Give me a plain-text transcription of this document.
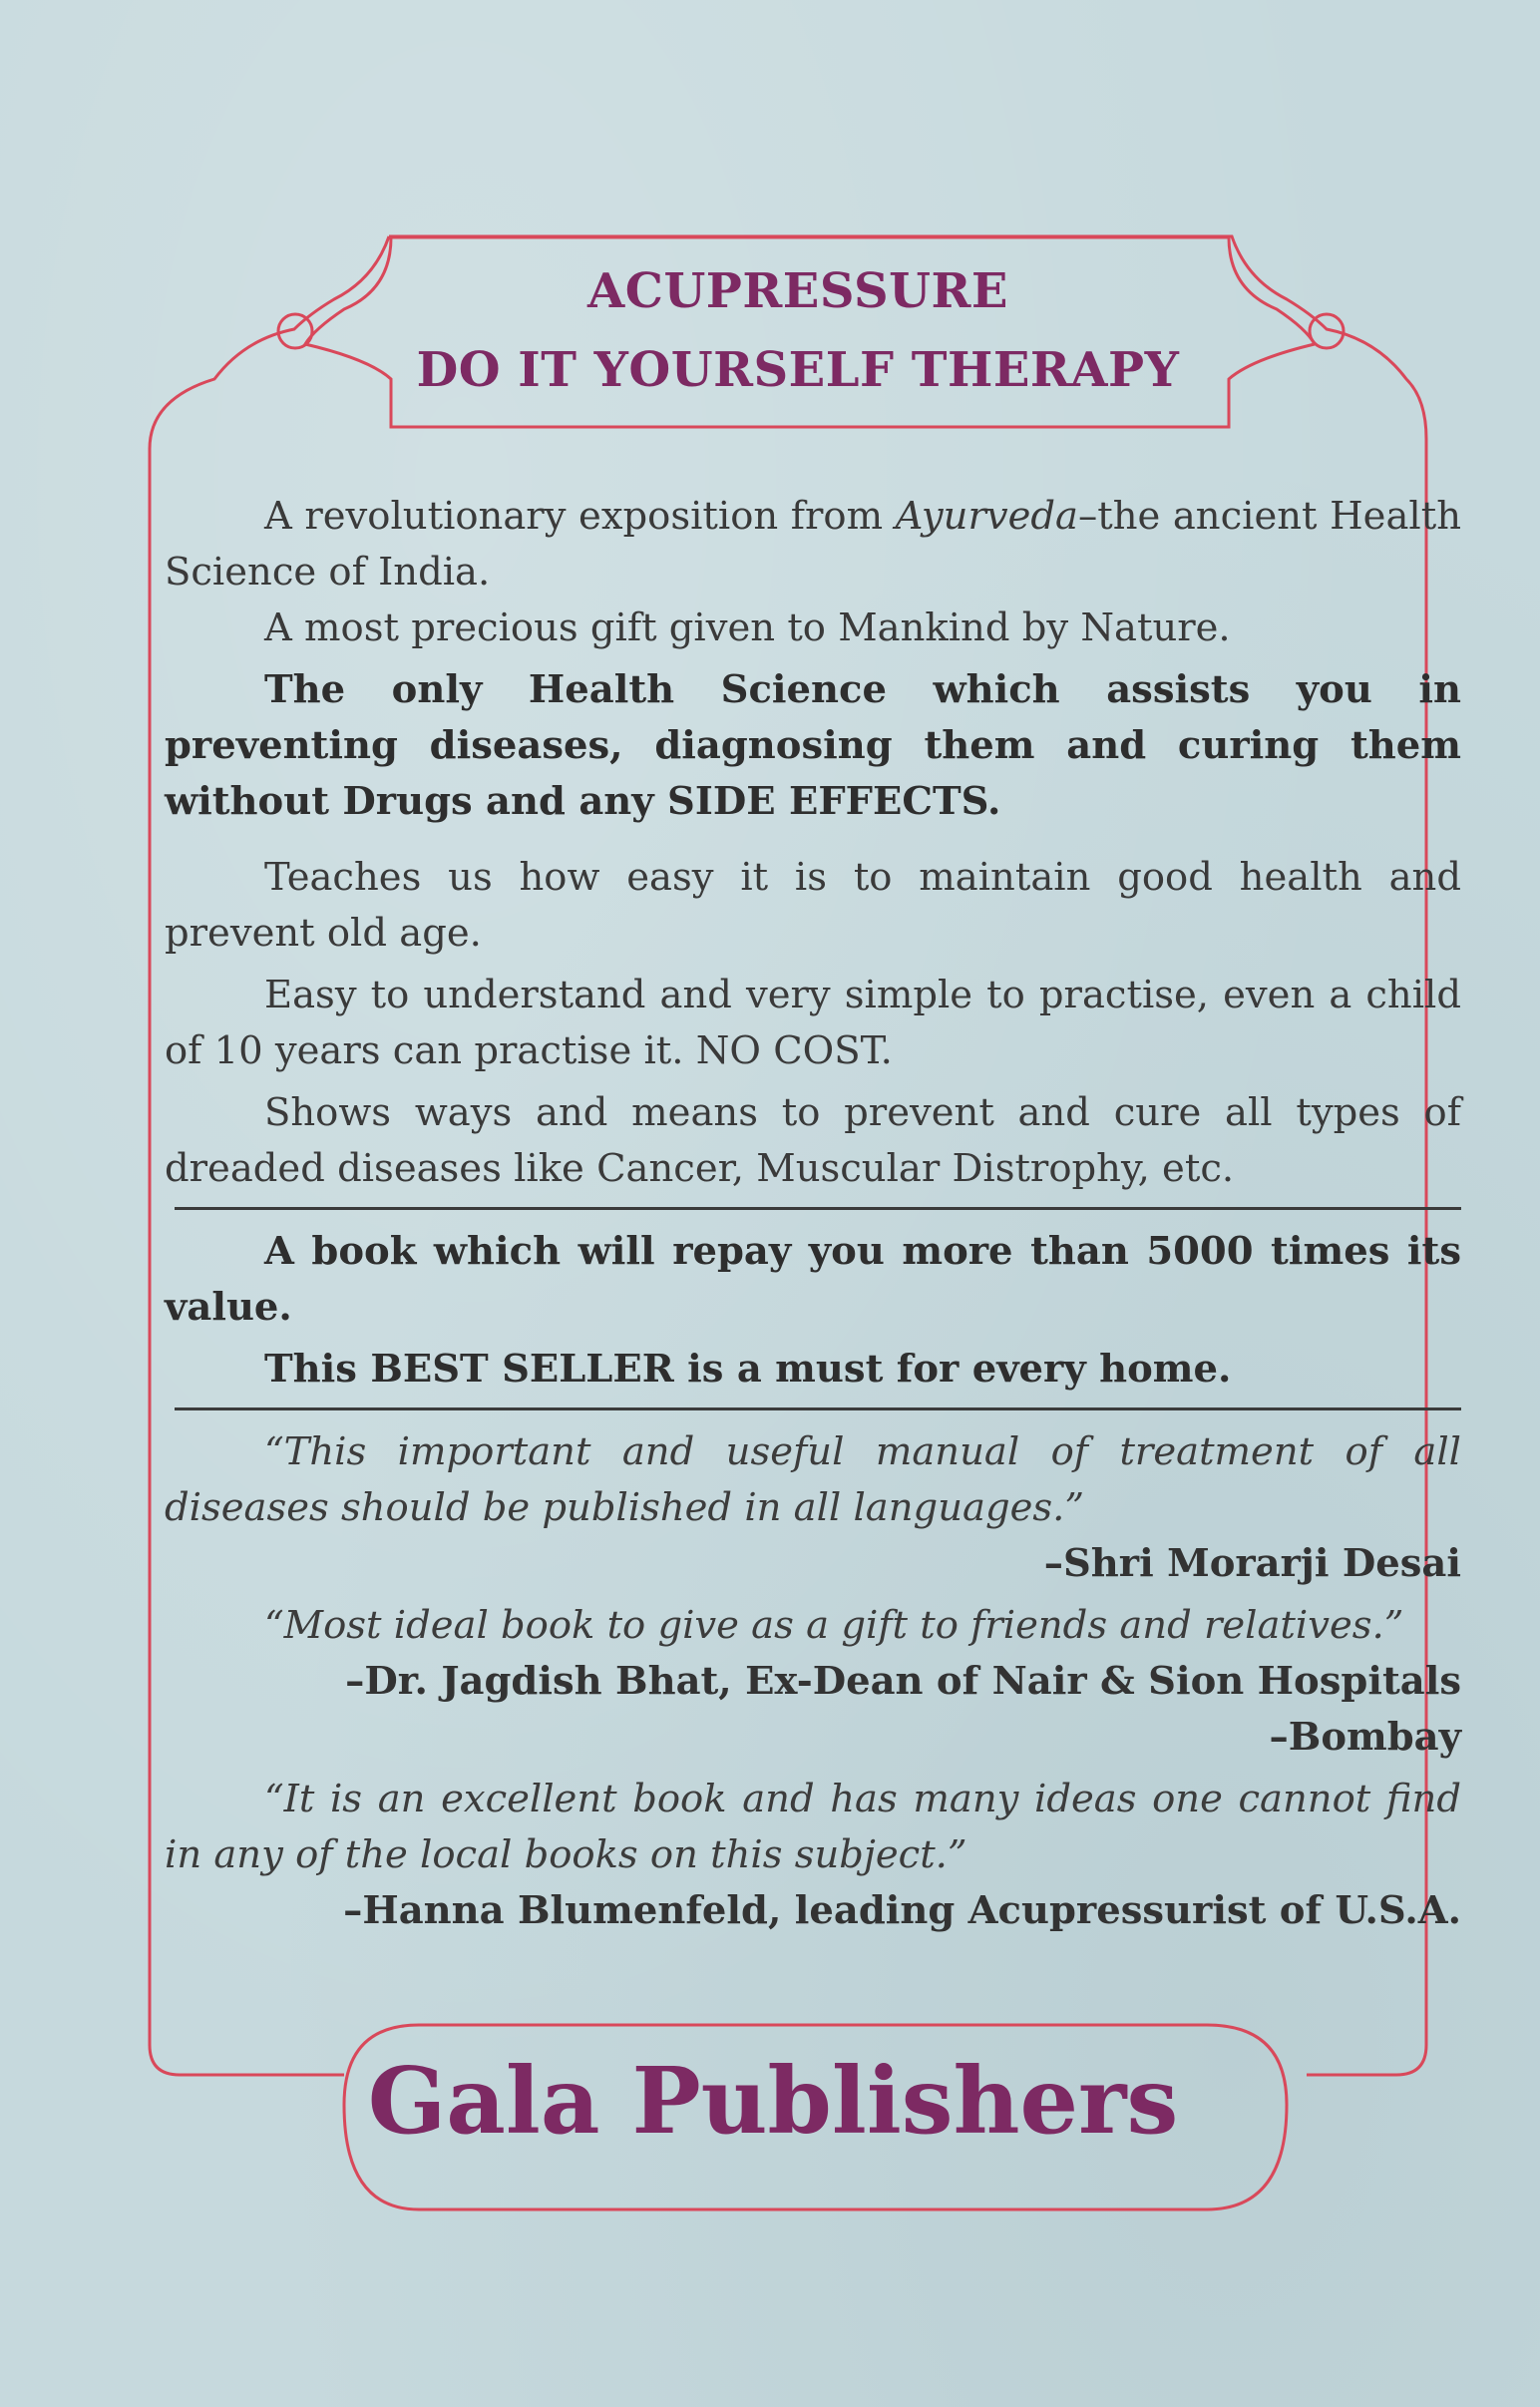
ACUPRESSURE
DO IT YOURSELF THERAPY

A revolutionary exposition from Ayurveda–the ancient Health Science of India.

A most precious gift given to Mankind by Nature.

The only Health Science which assists you in preventing diseases, diagnosing them and curing them without Drugs and any SIDE EFFECTS.

Teaches us how easy it is to maintain good health and prevent old age.

Easy to understand and very simple to practise, even a child of 10 years can practise it. NO COST.

Shows ways and means to prevent and cure all types of dreaded diseases like Cancer, Muscular Distrophy, etc.

A book which will repay you more than 5000 times its value.

This BEST SELLER is a must for every home.

“This important and useful manual of treatment of all diseases should be published in all languages.”

–Shri Morarji Desai

“Most ideal book to give as a gift to friends and relatives.”

–Dr. Jagdish Bhat, Ex-Dean of Nair & Sion Hospitals
–Bombay

“It is an excellent book and has many ideas one cannot find in any of the local books on this subject.”

–Hanna Blumenfeld, leading Acupressurist of U.S.A.
Gala Publishers
